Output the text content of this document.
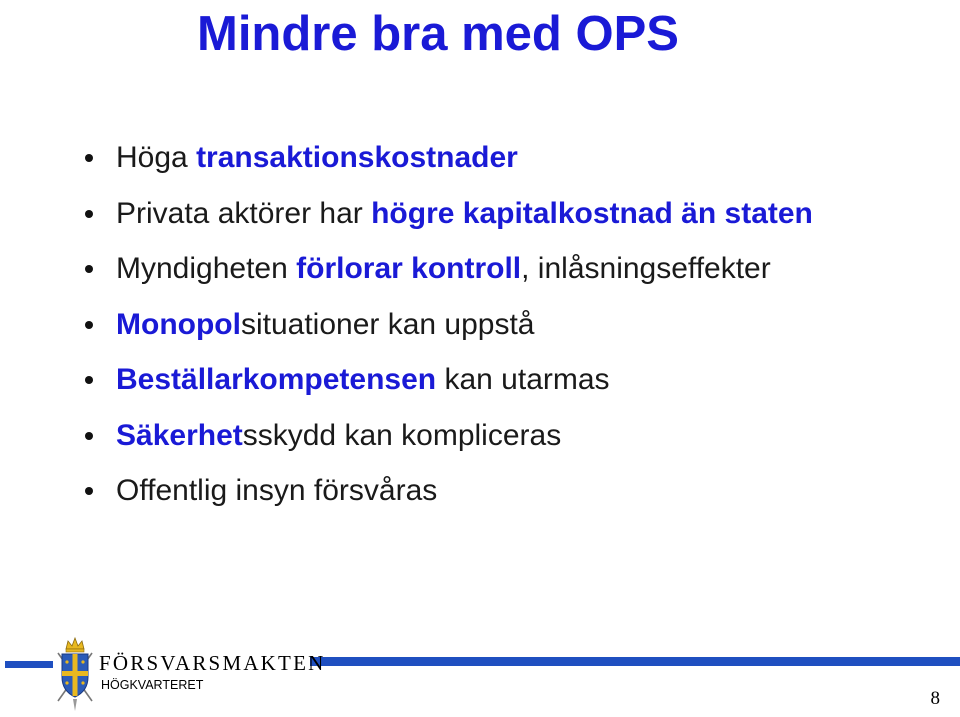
Mindre bra med OPS
Höga transaktionskostnader
Privata aktörer har högre kapitalkostnad än staten
Myndigheten förlorar kontroll, inlåsningseffekter
Monopolsituationer kan uppstå
Beställarkompetensen kan utarmas
Säkerhetsskydd kan kompliceras
Offentlig insyn försvåras
FÖRSVARSMAKTEN
HÖGKVARTERET
8
